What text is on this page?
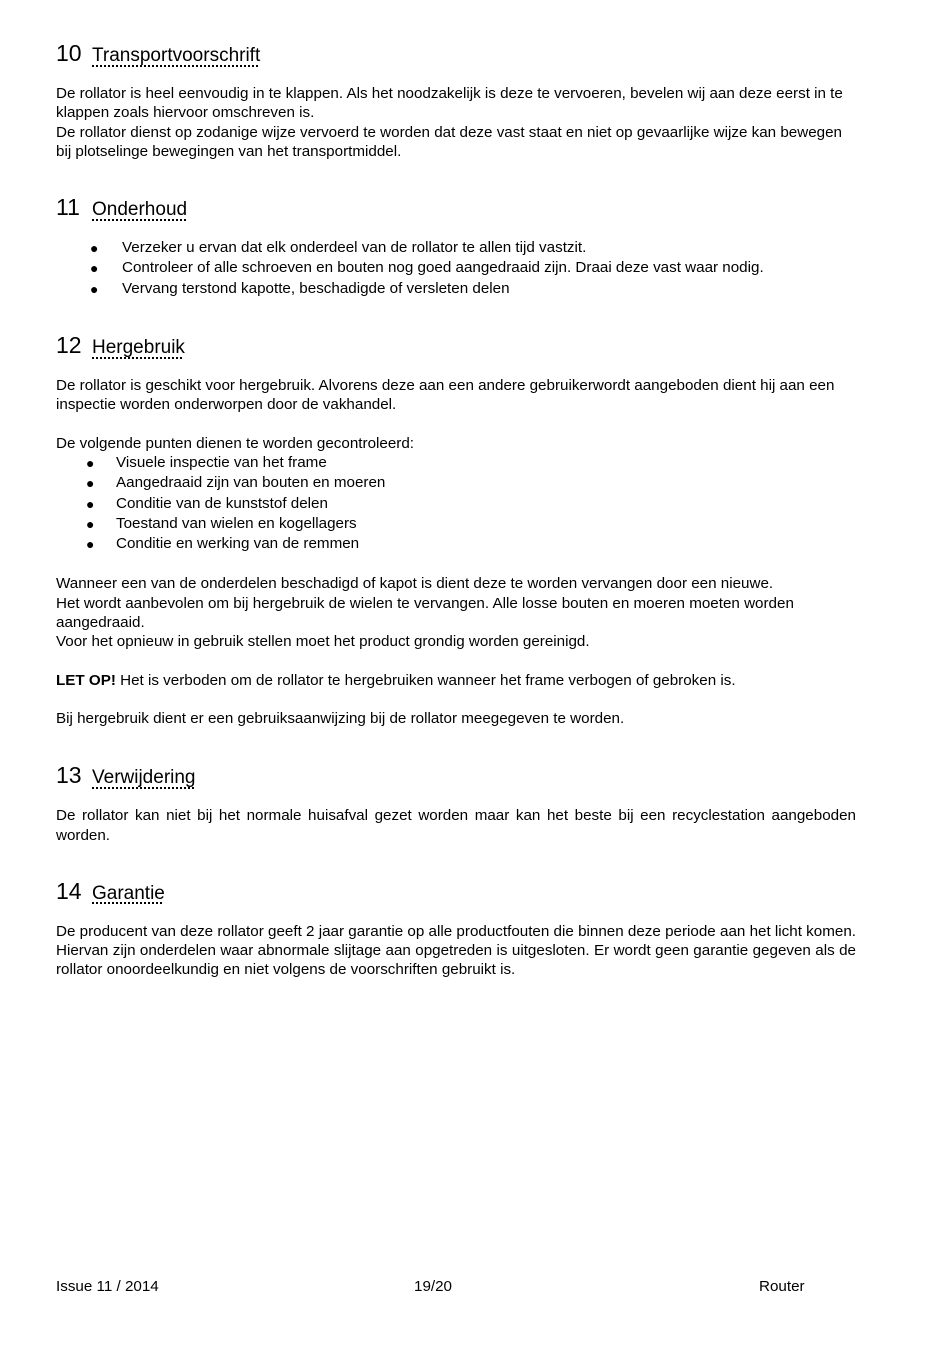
10 Transportvoorschrift

De rollator is heel eenvoudig in te klappen. Als het noodzakelijk is deze te vervoeren, bevelen wij aan deze eerst in te klappen zoals hiervoor omschreven is.

De rollator dienst op zodanige wijze vervoerd te worden dat deze vast staat en niet op gevaarlijke wijze kan bewegen bij plotselinge bewegingen van het transportmiddel.

11 Onderhoud
● Verzeker u ervan dat elk onderdeel van de rollator te allen tijd vastzit.
● Controleer of alle schroeven en bouten nog goed aangedraaid zijn. Draai deze vast waar nodig.
● Vervang terstond kapotte, beschadigde of versleten delen
12 Hergebruik

De rollator is geschikt voor hergebruik. Alvorens deze aan een andere gebruikerwordt aangeboden dient hij aan een inspectie worden onderworpen door de vakhandel.

De volgende punten dienen te worden gecontroleerd:

● Visuele inspectie van het frame
● Aangedraaid zijn van bouten en moeren
● Conditie van de kunststof delen
● Toestand van wielen en kogellagers
● Conditie en werking van de remmen

Wanneer een van de onderdelen beschadigd of kapot is dient deze te worden vervangen door een nieuwe.

Het wordt aanbevolen om bij hergebruik de wielen te vervangen. Alle losse bouten en moeren moeten worden aangedraaid.

Voor het opnieuw in gebruik stellen moet het product grondig worden gereinigd.

LET OP! Het is verboden om de rollator te hergebruiken wanneer het frame verbogen of gebroken is.

Bij hergebruik dient er een gebruiksaanwijzing bij de rollator meegegeven te worden.

13 Verwijdering

De rollator kan niet bij het normale huisafval gezet worden maar kan het beste bij een recyclestation aangeboden worden.

14 Garantie

De producent van deze rollator geeft 2 jaar garantie op alle productfouten die binnen deze periode aan het licht komen. Hiervan zijn onderdelen waar abnormale slijtage aan opgetreden is uitgesloten. Er wordt geen garantie gegeven als de rollator onoordeelkundig en niet volgens de voorschriften gebruikt is.

Issue 11 / 2014	19/20	Router
